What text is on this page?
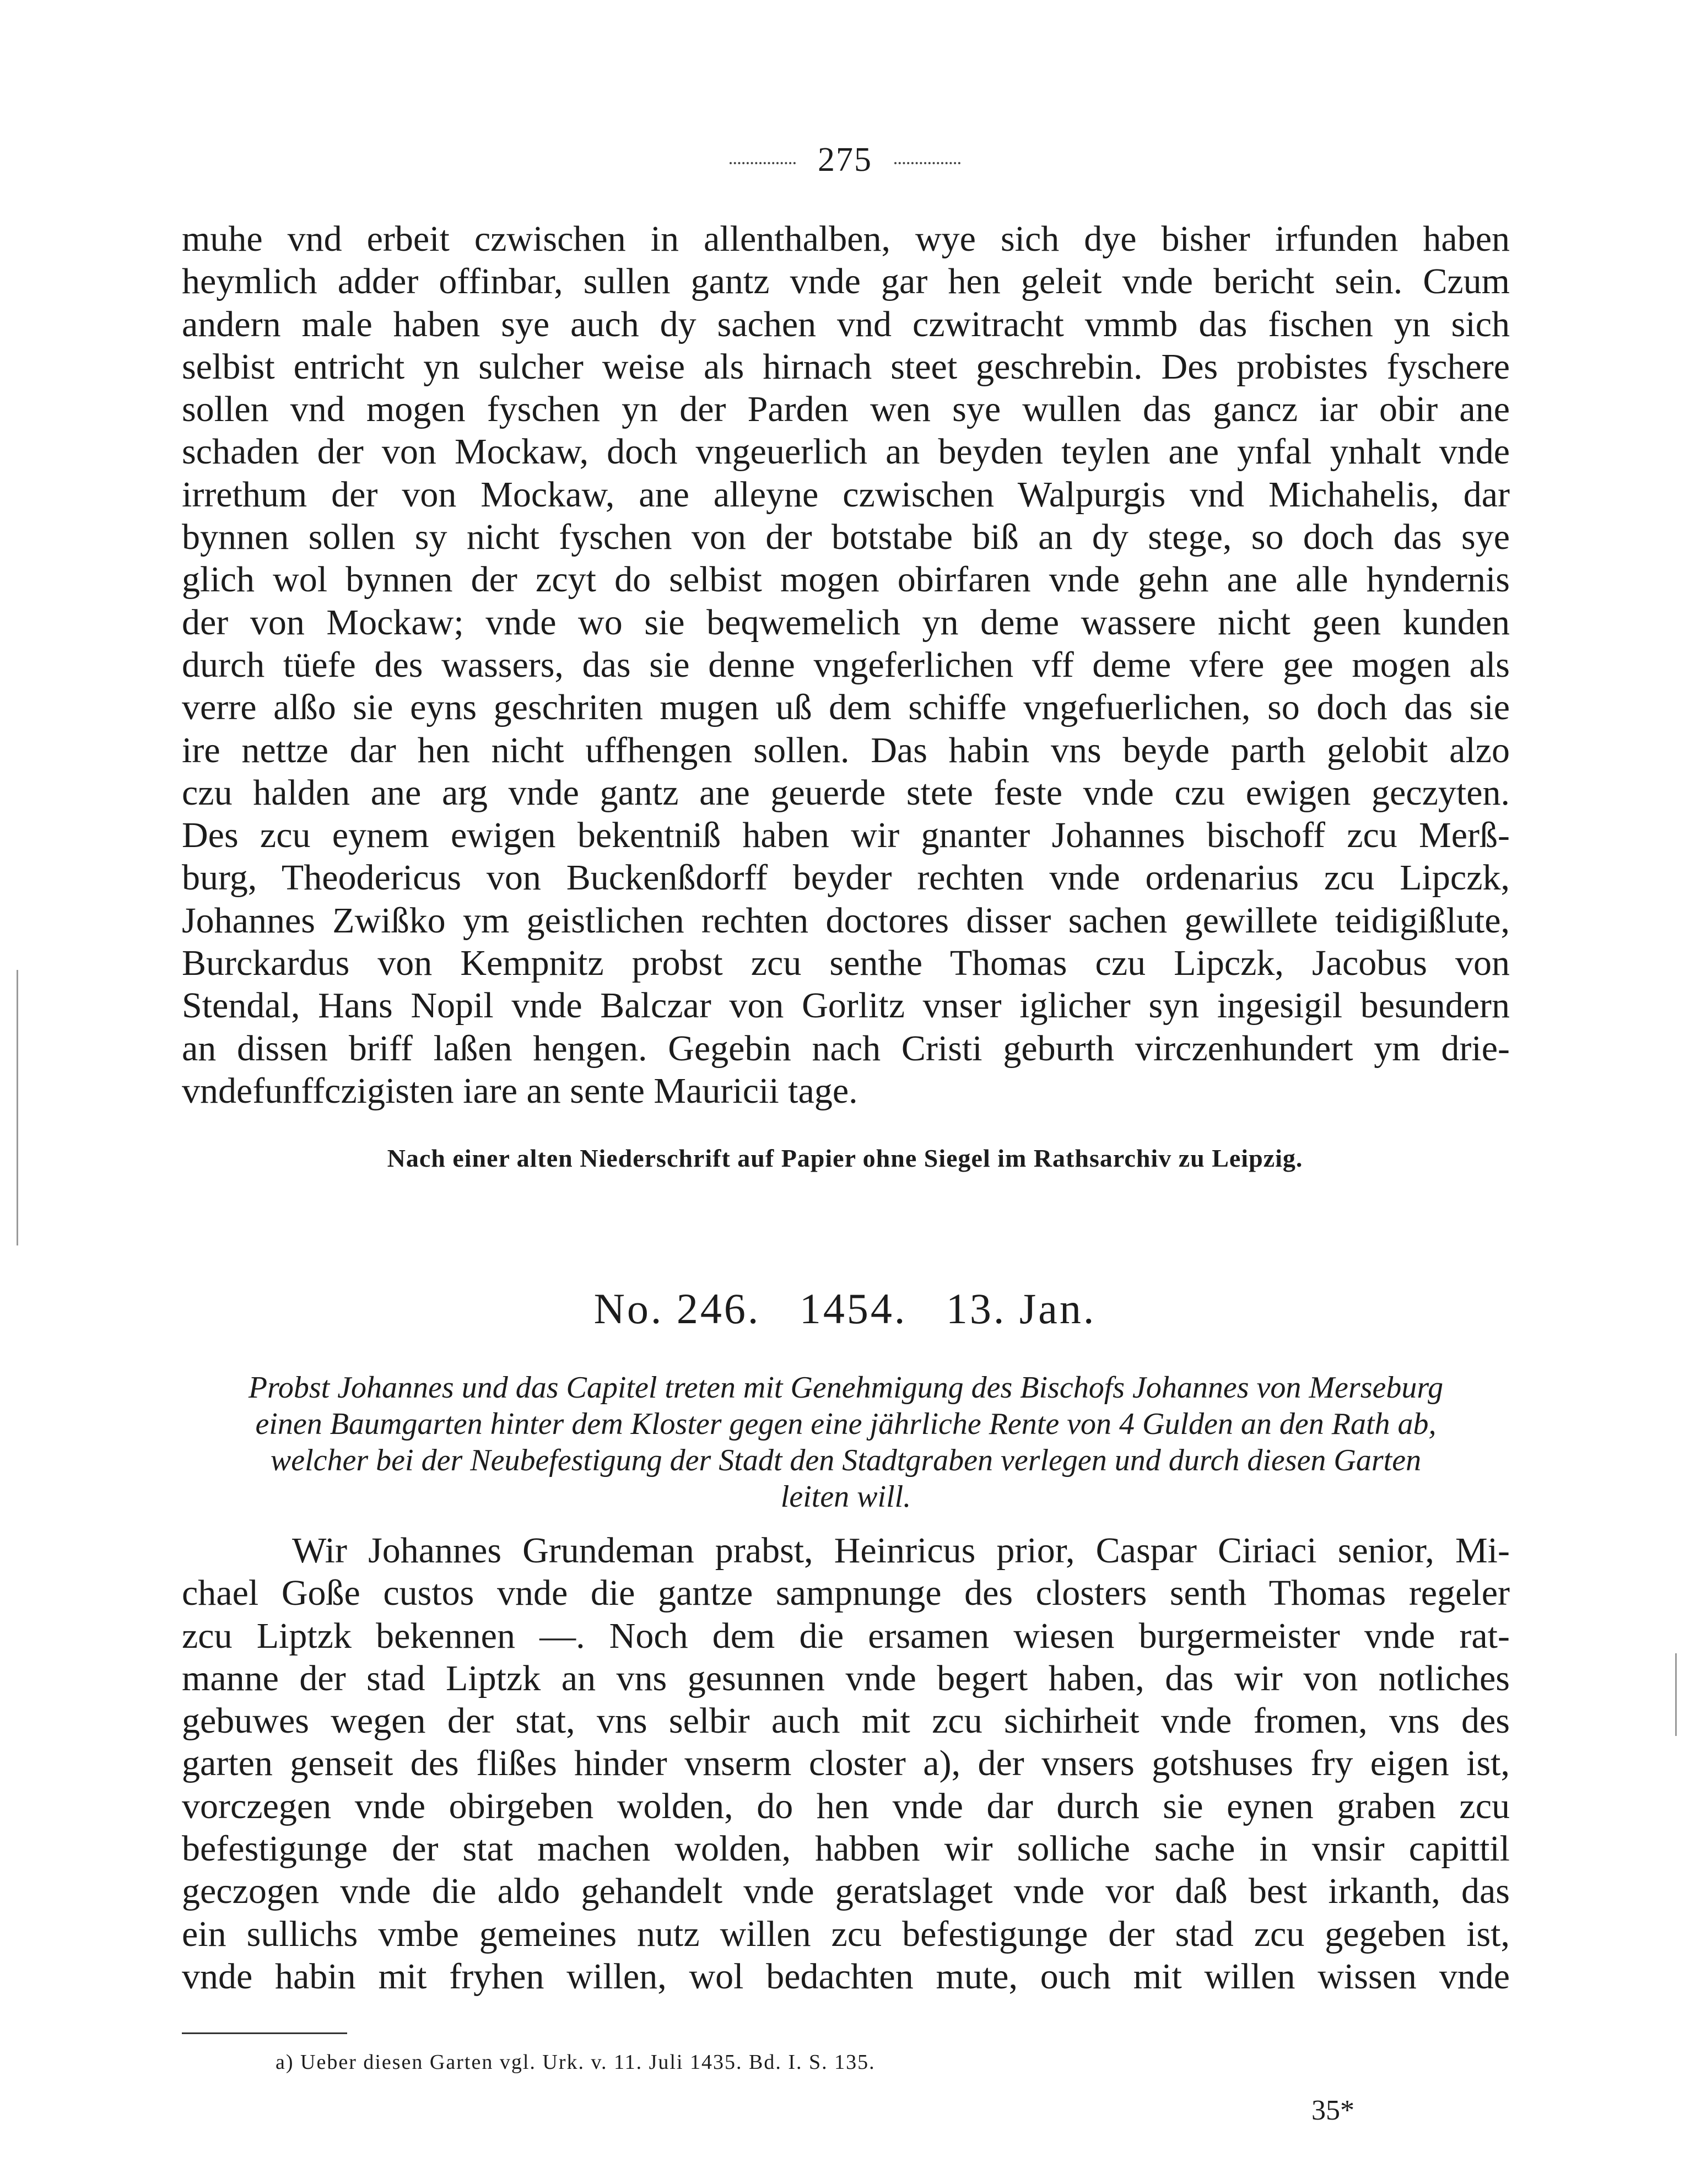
275
muhe vnd erbeit czwischen in allenthalben, wye sich dye bisher irfunden haben
heymlich adder offinbar, sullen gantz vnde gar hen geleit vnde bericht sein. Czum
andern male haben sye auch dy sachen vnd czwitracht vmmb das fischen yn sich
selbist entricht yn sulcher weise als hirnach steet geschrebin. Des probistes fyschere
sollen vnd mogen fyschen yn der Parden wen sye wullen das gancz iar obir ane
schaden der von Mockaw, doch vngeuerlich an beyden teylen ane ynfal ynhalt vnde
irrethum der von Mockaw, ane alleyne czwischen Walpurgis vnd Michahelis, dar
bynnen sollen sy nicht fyschen von der botstabe biß an dy stege, so doch das sye
glich wol bynnen der zcyt do selbist mogen obirfaren vnde gehn ane alle hyndernis
der von Mockaw; vnde wo sie beqwemelich yn deme wassere nicht geen kunden
durch tüefe des wassers, das sie denne vngeferlichen vff deme vfere gee mogen als
verre alßo sie eyns geschriten mugen uß dem schiffe vngefuerlichen, so doch das sie
ire nettze dar hen nicht uffhengen sollen. Das habin vns beyde parth gelobit alzo
czu halden ane arg vnde gantz ane geuerde stete feste vnde czu ewigen geczyten.
Des zcu eynem ewigen bekentniß haben wir gnanter Johannes bischoff zcu Merß-
burg, Theodericus von Buckenßdorff beyder rechten vnde ordenarius zcu Lipczk,
Johannes Zwißko ym geistlichen rechten doctores disser sachen gewillete teidigißlute,
Burckardus von Kempnitz probst zcu senthe Thomas czu Lipczk, Jacobus von
Stendal, Hans Nopil vnde Balczar von Gorlitz vnser iglicher syn ingesigil besundern
an dissen briff laßen hengen. Gegebin nach Cristi geburth virczenhundert ym drie-
vndefunffczigisten iare an sente Mauricii tage.
Nach einer alten Niederschrift auf Papier ohne Siegel im Rathsarchiv zu Leipzig.
No. 246.   1454.   13. Jan.
Probst Johannes und das Capitel treten mit Genehmigung des Bischofs Johannes von Merseburg
einen Baumgarten hinter dem Kloster gegen eine jährliche Rente von 4 Gulden an den Rath ab,
welcher bei der Neubefestigung der Stadt den Stadtgraben verlegen und durch diesen Garten
leiten will.
Wir Johannes Grundeman prabst, Heinricus prior, Caspar Ciriaci senior, Mi-
chael Goße custos vnde die gantze sampnunge des closters senth Thomas regeler
zcu Liptzk bekennen —. Noch dem die ersamen wiesen burgermeister vnde rat-
manne der stad Liptzk an vns gesunnen vnde begert haben, das wir von notliches
gebuwes wegen der stat, vns selbir auch mit zcu sichirheit vnde fromen, vns des
garten genseit des flißes hinder vnserm closter a), der vnsers gotshuses fry eigen ist,
vorczegen vnde obirgeben wolden, do hen vnde dar durch sie eynen graben zcu
befestigunge der stat machen wolden, habben wir solliche sache in vnsir capittil
geczogen vnde die aldo gehandelt vnde geratslaget vnde vor daß best irkanth, das
ein sullichs vmbe gemeines nutz willen zcu befestigunge der stad zcu gegeben ist,
vnde habin mit fryhen willen, wol bedachten mute, ouch mit willen wissen vnde
a) Ueber diesen Garten vgl. Urk. v. 11. Juli 1435. Bd. I. S. 135.
35*
